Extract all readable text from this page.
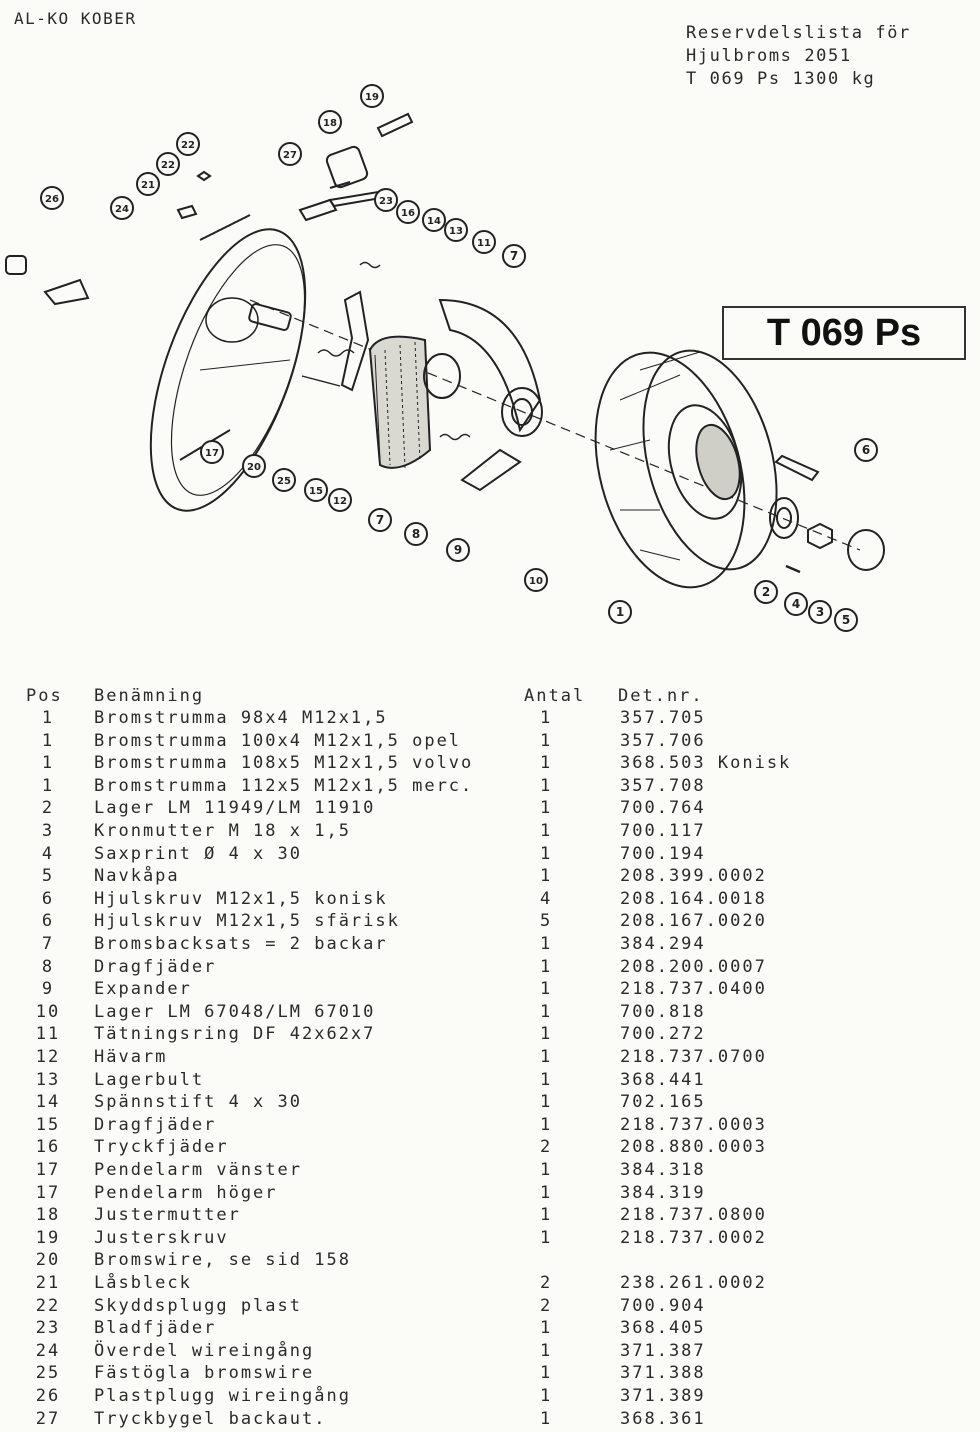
AL-KO KOBER
Reservdelslista för
Hjulbroms 2051
T 069 Ps 1300 kg
T 069 Ps
1
2
3
4
5
6
7
7
8
9
10
11
12
13
14
15
16
17
18
19
20
21
22
22
23
24
25
26
27
Pos Benämning	Antal Det.nr.
1	Bromstrumma 98x4 M12x1,5	1	357.705
1	Bromstrumma 100x4 M12x1,5 opel	1	357.706
1	Bromstrumma 108x5 M12x1,5 volvo	1	368.503 Konisk
1	Bromstrumma 112x5 M12x1,5 merc.	1	357.708
2	Lager LM 11949/LM 11910	1	700.764
3	Kronmutter M 18 x 1,5	1	700.117
4	Saxprint Ø 4 x 30	1	700.194
5	Navkåpa	1	208.399.0002
6	Hjulskruv M12x1,5 konisk	4	208.164.0018
6	Hjulskruv M12x1,5 sfärisk	5	208.167.0020
7	Bromsbacksats = 2 backar	1	384.294
8	Dragfjäder	1	208.200.0007
9	Expander	1	218.737.0400
10	Lager LM 67048/LM 67010	1	700.818
11	Tätningsring DF 42x62x7	1	700.272
12	Hävarm	1	218.737.0700
13	Lagerbult	1	368.441
14	Spännstift 4 x 30	1	702.165
15	Dragfjäder	1	218.737.0003
16	Tryckfjäder	2	208.880.0003
17	Pendelarm vänster	1	384.318
17	Pendelarm höger	1	384.319
18	Justermutter	1	218.737.0800
19	Justerskruv	1	218.737.0002
20	Bromswire, se sid 158
21	Låsbleck	2	238.261.0002
22	Skyddsplugg plast	2	700.904
23	Bladfjäder	1	368.405
24	Överdel wireingång	1	371.387
25	Fästögla bromswire	1	371.388
26	Plastplugg wireingång	1	371.389
27	Tryckbygel backaut.	1	368.361
